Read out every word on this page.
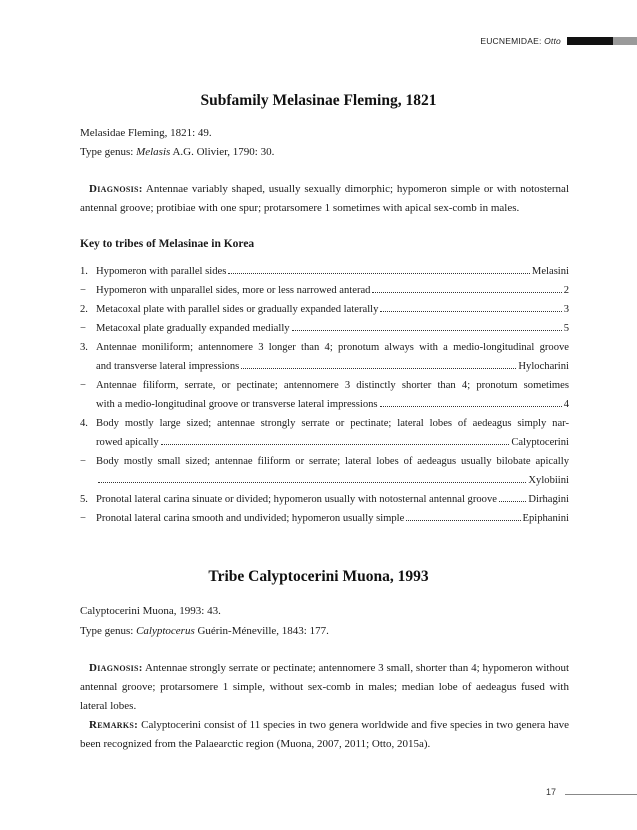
EUCNEMIDAE: Otto
Subfamily Melasinae Fleming, 1821
Melasidae Fleming, 1821: 49.
Type genus: Melasis A.G. Olivier, 1790: 30.
Diagnosis: Antennae variably shaped, usually sexually dimorphic; hypomeron simple or with notosternal antennal groove; protibiae with one spur; protarsomere 1 sometimes with apical sex-comb in males.
Key to tribes of Melasinae in Korea
1. Hypomeron with parallel sides	Melasini
− Hypomeron with unparallel sides, more or less narrowed anterad	2
2. Metacoxal plate with parallel sides or gradually expanded laterally	3
− Metacoxal plate gradually expanded medially	5
3. Antennae moniliform; antennomere 3 longer than 4; pronotum always with a medio-longitudinal groove
and transverse lateral impressions	Hylocharini
− Antennae filiform, serrate, or pectinate; antennomere 3 distinctly shorter than 4; pronotum sometimes
with a medio-longitudinal groove or transverse lateral impressions	4
4. Body mostly large sized; antennae strongly serrate or pectinate; lateral lobes of aedeagus simply nar-
rowed apically	Calyptocerini
− Body mostly small sized; antennae filiform or serrate; lateral lobes of aedeagus usually bilobate apically
Xylobiini
5. Pronotal lateral carina sinuate or divided; hypomeron usually with notosternal antennal groove	Dirhagini
− Pronotal lateral carina smooth and undivided; hypomeron usually simple	Epiphanini
Tribe Calyptocerini Muona, 1993
Calyptocerini Muona, 1993: 43.
Type genus: Calyptocerus Guérin-Méneville, 1843: 177.
Diagnosis: Antennae strongly serrate or pectinate; antennomere 3 small, shorter than 4; hypomeron without antennal groove; protarsomere 1 simple, without sex-comb in males; median lobe of aedeagus fused with lateral lobes.
Remarks: Calyptocerini consist of 11 species in two genera worldwide and five species in two genera have been recognized from the Palaearctic region (Muona, 2007, 2011; Otto, 2015a).
17
